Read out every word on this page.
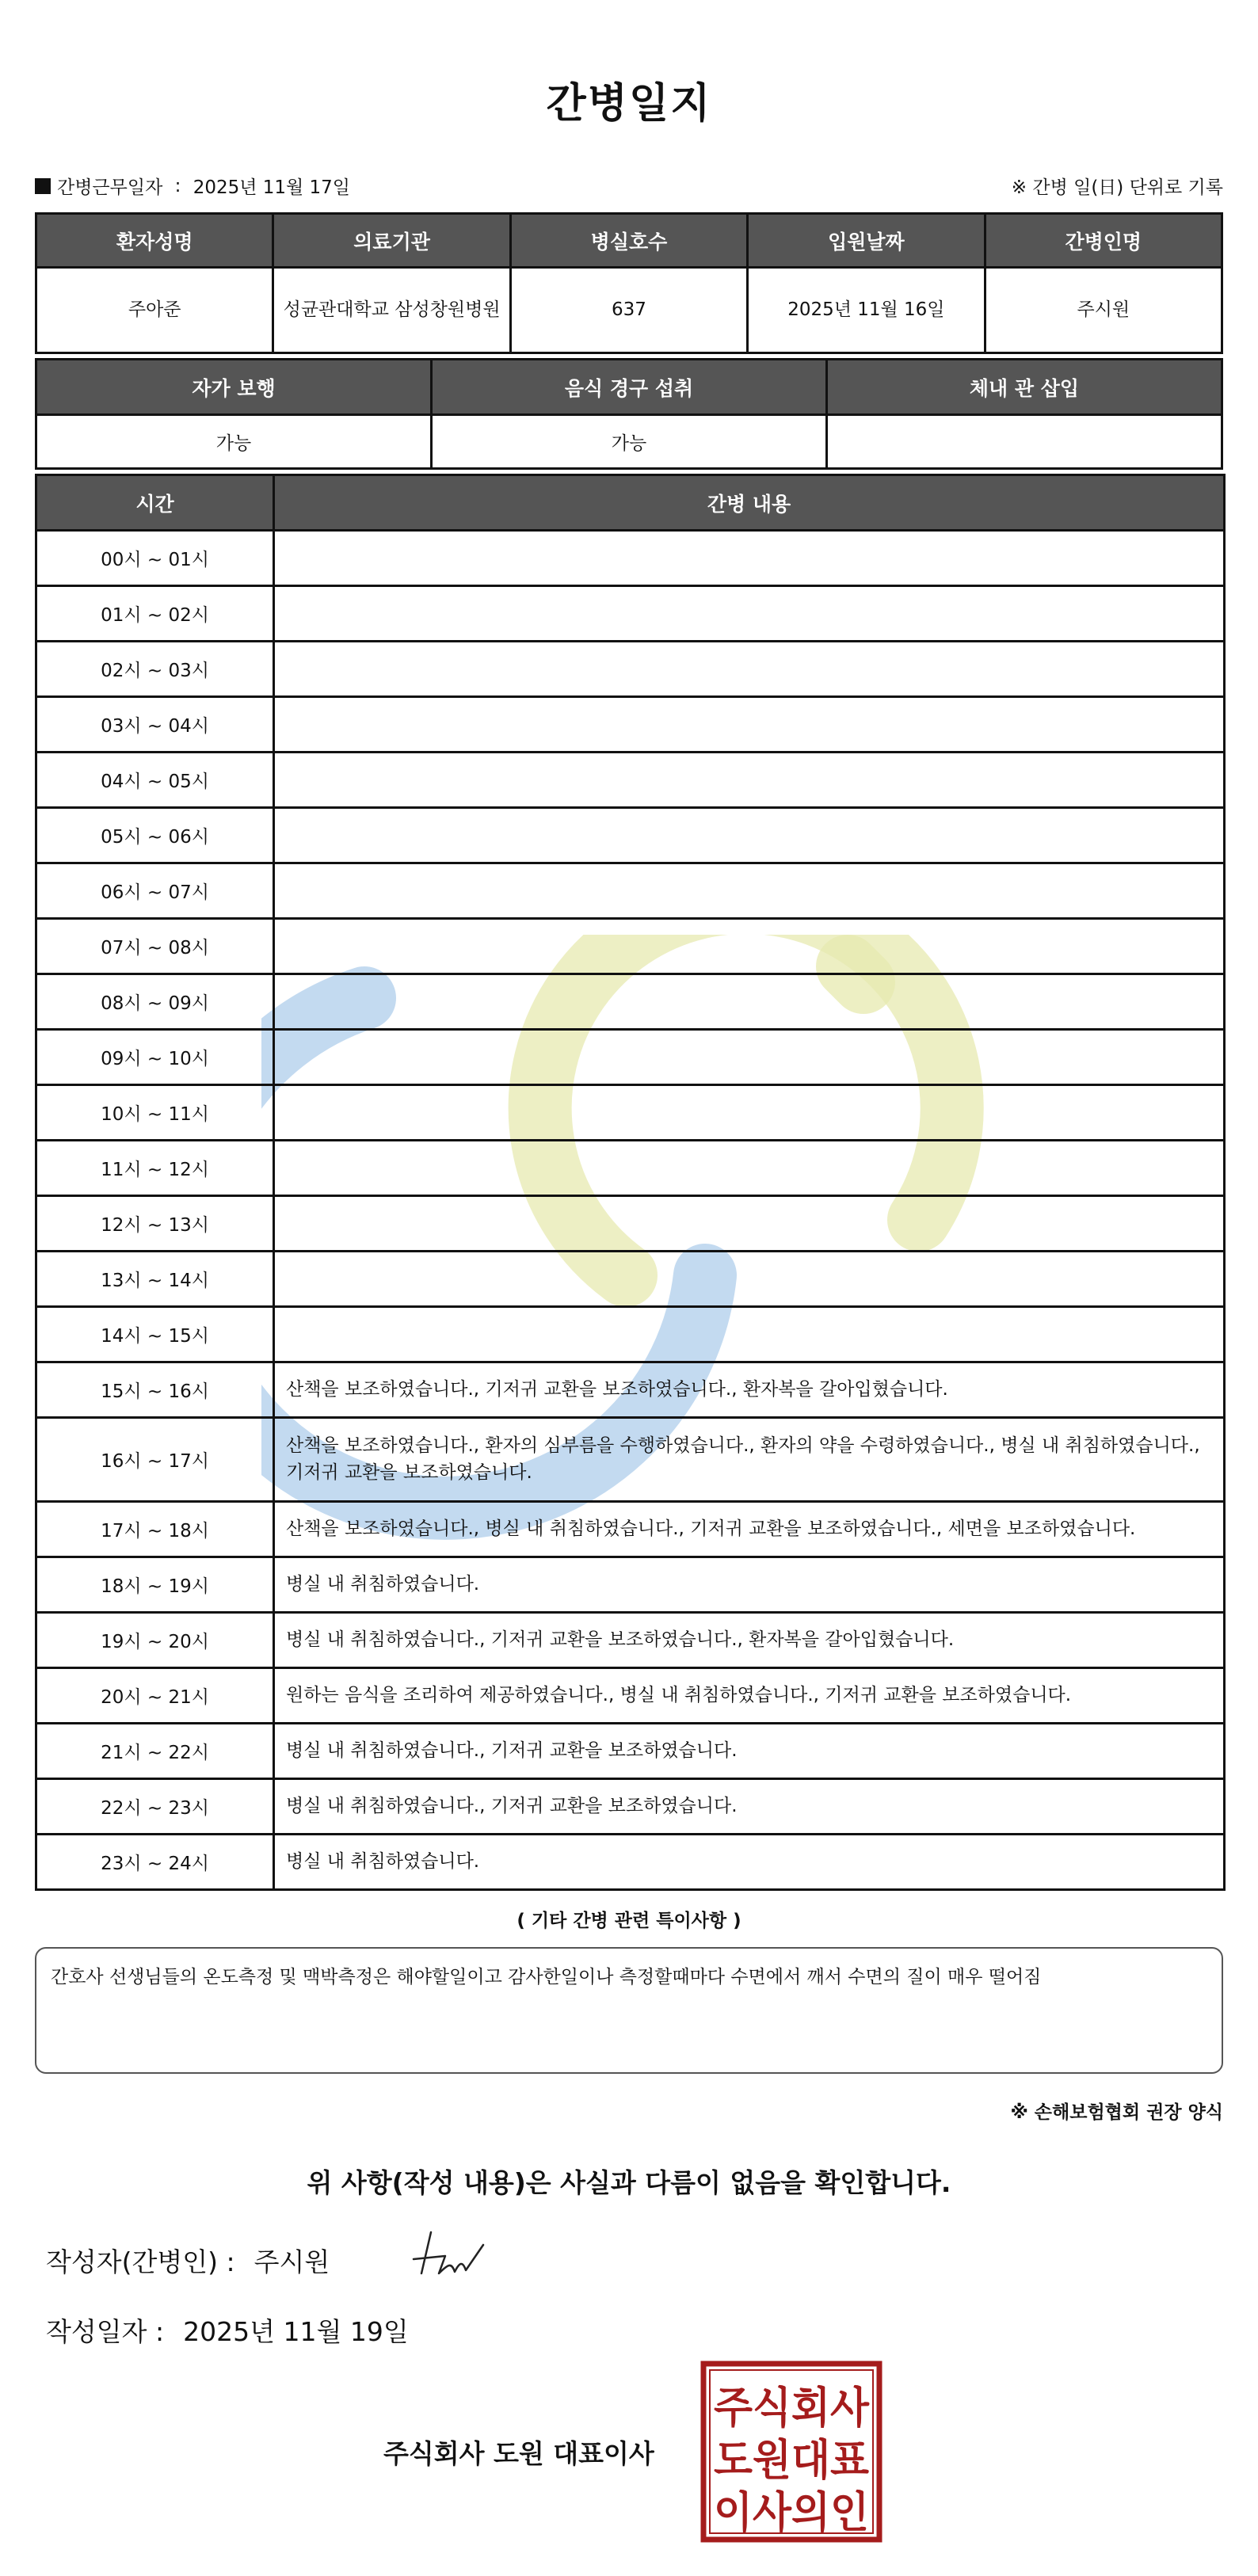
간병일지
간병근무일자 : 2025년 11월 17일	※ 간병 일(日) 단위로 기록
환자성명	의료기관	병실호수	입원날짜	간병인명
주아준	성균관대학교 삼성창원병원	637	2025년 11월 16일	주시원
자가 보행	음식 경구 섭취	체내 관 삽입
가능	가능	
시간	간병 내용
00시 ~ 01시	
01시 ~ 02시	
02시 ~ 03시	
03시 ~ 04시	
04시 ~ 05시	
05시 ~ 06시	
06시 ~ 07시	
07시 ~ 08시	
08시 ~ 09시	
09시 ~ 10시	
10시 ~ 11시	
11시 ~ 12시	
12시 ~ 13시	
13시 ~ 14시	
14시 ~ 15시	
15시 ~ 16시	산책을 보조하였습니다., 기저귀 교환을 보조하였습니다., 환자복을 갈아입혔습니다.
16시 ~ 17시	산책을 보조하였습니다., 환자의 심부름을 수행하였습니다., 환자의 약을 수령하였습니다., 병실 내 취침하였습니다., 기저귀 교환을 보조하였습니다.
17시 ~ 18시	산책을 보조하였습니다., 병실 내 취침하였습니다., 기저귀 교환을 보조하였습니다., 세면을 보조하였습니다.
18시 ~ 19시	병실 내 취침하였습니다.
19시 ~ 20시	병실 내 취침하였습니다., 기저귀 교환을 보조하였습니다., 환자복을 갈아입혔습니다.
20시 ~ 21시	원하는 음식을 조리하여 제공하였습니다., 병실 내 취침하였습니다., 기저귀 교환을 보조하였습니다.
21시 ~ 22시	병실 내 취침하였습니다., 기저귀 교환을 보조하였습니다.
22시 ~ 23시	병실 내 취침하였습니다., 기저귀 교환을 보조하였습니다.
23시 ~ 24시	병실 내 취침하였습니다.
( 기타 간병 관련 특이사항 )
간호사 선생님들의 온도측정 및 맥박측정은 해야할일이고 감사한일이나 측정할때마다 수면에서 깨서 수면의 질이 매우 떨어짐
※ 손해보험협회 권장 양식
위 사항(작성 내용)은 사실과 다름이 없음을 확인합니다.
작성자(간병인) : 주시원
작성일자 : 2025년 11월 19일
주식회사 도원 대표이사
주식회사
도원대표
이사의인
